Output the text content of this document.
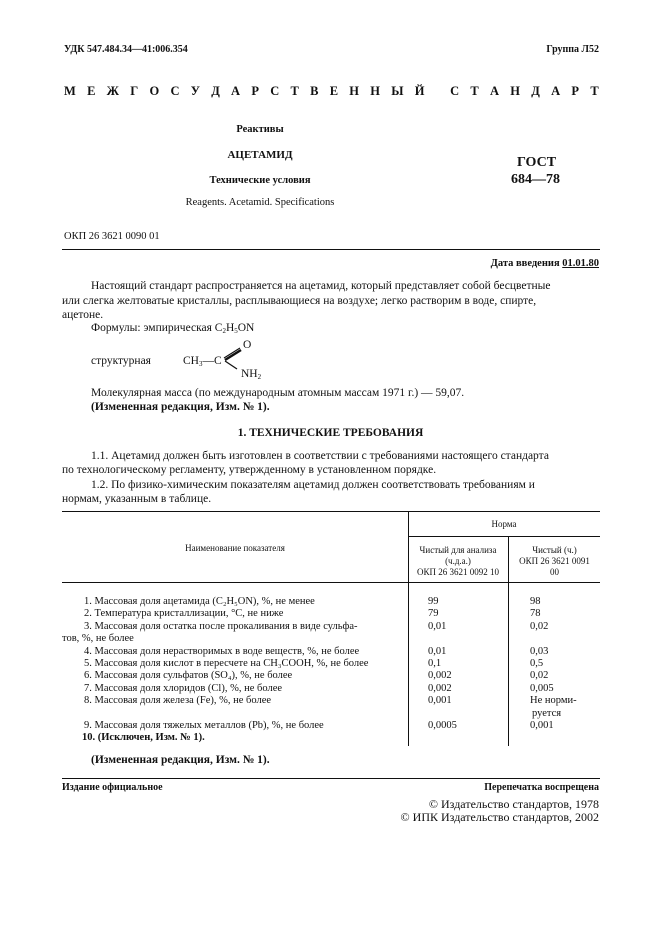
УДК 547.484.34—41:006.354	Группа Л52
М Е Ж Г О С У Д А Р С Т В Е Н Н Ы Й
С Т А Н Д А Р Т
Реактивы
АЦЕТАМИД
Технические условия
Reagents. Acetamid. Specifications
ГОСТ
684—78
ОКП 26 3621 0090 01
Дата введения 01.01.80
Настоящий стандарт распространяется на ацетамид, который представляет собой бесцветные
или слегка желтоватые кристаллы, расплывающиеся на воздухе; легко растворим в воде, спирте,
ацетоне.
Формулы: эмпирическая $C_2H_5ON$
структурная	$CH_3—C$
O
$NH_2$
Молекулярная масса (по международным атомным массам 1971 г.) — 59,07.
(Измененная редакция, Изм. № 1).
1. ТЕХНИЧЕСКИЕ ТРЕБОВАНИЯ
1.1. Ацетамид должен быть изготовлен в соответствии с требованиями настоящего стандарта
по технологическому регламенту, утвержденному в установленном порядке.
1.2. По физико-химическим показателям ацетамид должен соответствовать требованиям и
нормам, указанным в таблице.
Наименование показателя
Норма
Чистый для анализа
(ч.д.а.)
ОКП 26 3621 0092 10
Чистый (ч.)
ОКП 26 3621 0091
00
1. Массовая доля ацетамида (C₂H₅ON), %, не менее	99	98
2. Температура кристаллизации, °C, не ниже	79	78
3. Массовая доля остатка после прокаливания в виде сульфа-	0,01	0,02
тов, %, не более
4. Массовая доля нерастворимых в воде веществ, %, не более	0,01	0,03
5. Массовая доля кислот в пересчете на CH₃COOH, %, не более	0,1	0,5
6. Массовая доля сульфатов (SO₄), %, не более	0,002	0,02
7. Массовая доля хлоридов (Cl), %, не более	0,002	0,005
8. Массовая доля железа (Fe), %, не более	0,001	Не норми-
руется
9. Массовая доля тяжелых металлов (Pb), %, не более	0,0005	0,001
10. (Исключен, Изм. № 1).
(Измененная редакция, Изм. № 1).
Издание официальное	Перепечатка воспрещена
© Издательство стандартов, 1978
© ИПК Издательство стандартов, 2002
